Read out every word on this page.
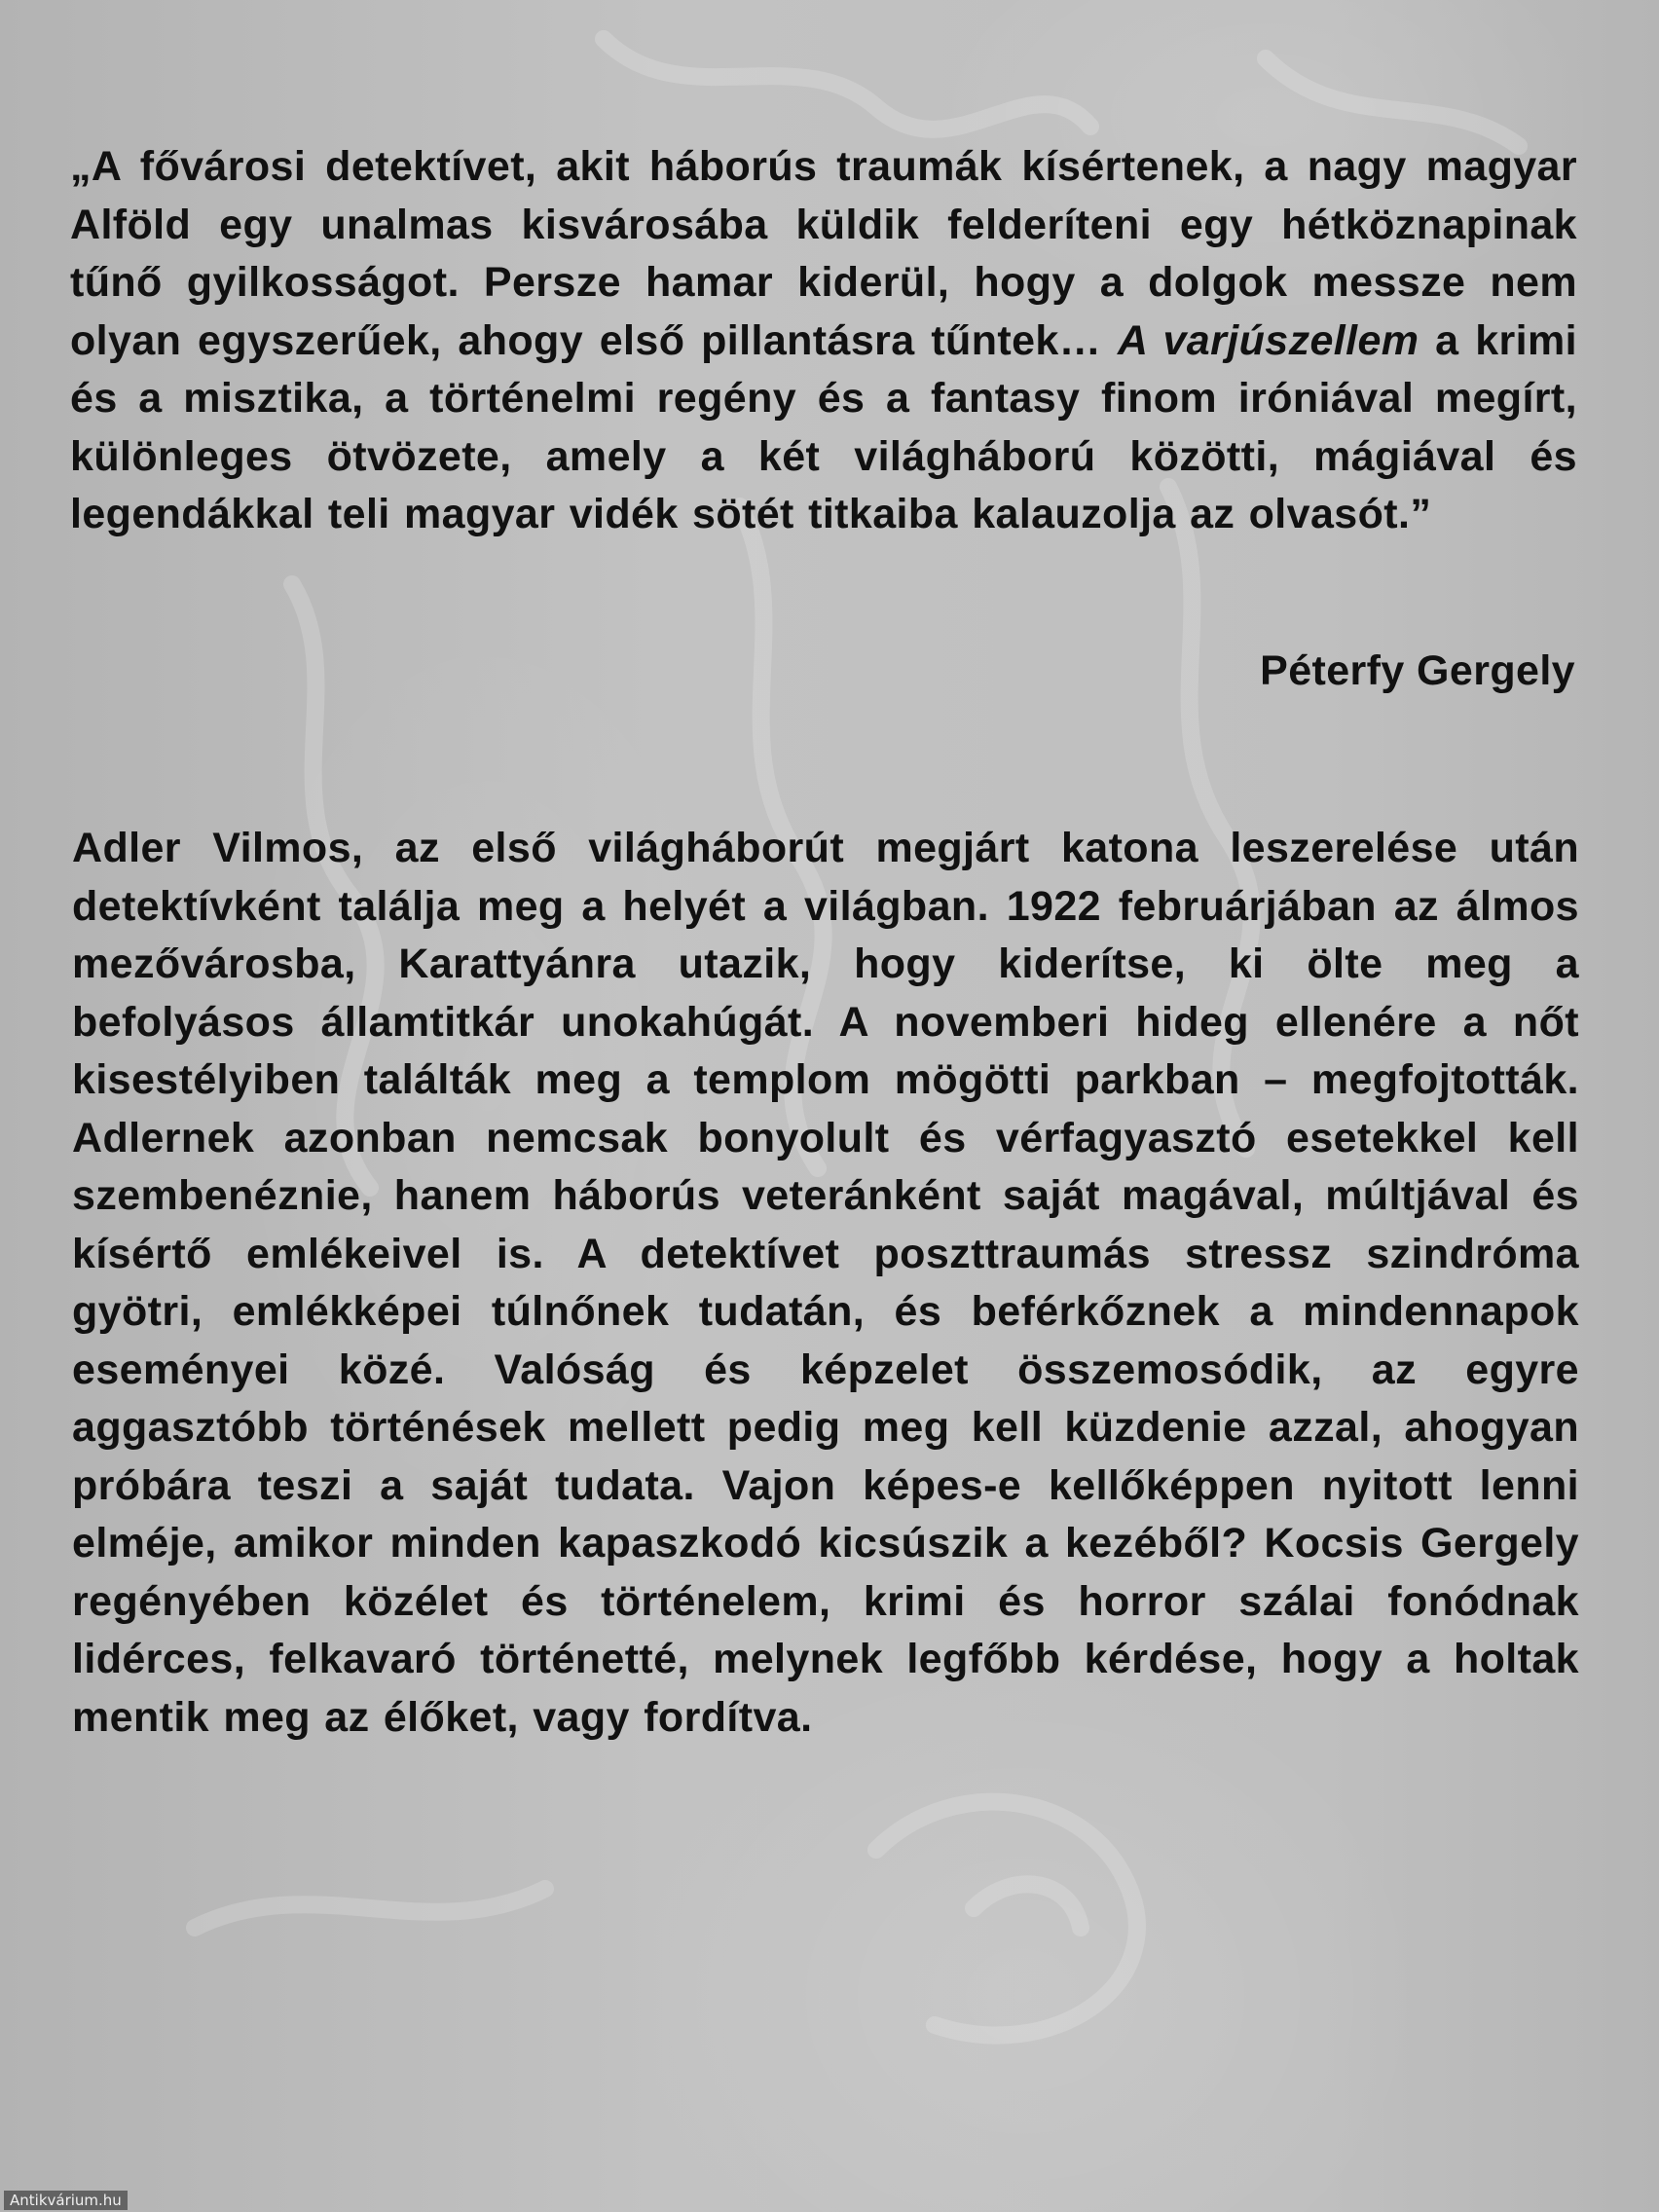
„A fővárosi detektívet, akit háborús traumák kísértenek, a nagy magyar Alföld egy unalmas kisvárosába küldik felderíteni egy hétköznapinak tűnő gyilkosságot. Persze hamar kiderül, hogy a dolgok messze nem olyan egyszerűek, ahogy első pillantásra tűntek… A varjúszellem a krimi és a misztika, a történelmi regény és a fantasy finom iróniával megírt, különleges ötvözete, amely a két világháború közötti, mágiával és legendákkal teli magyar vidék sötét titkaiba kalauzolja az olvasót.”
Péterfy Gergely
Adler Vilmos, az első világháborút megjárt katona leszerelése után detektívként találja meg a helyét a világban. 1922 februárjában az álmos mezővárosba, Karattyánra utazik, hogy kiderítse, ki ölte meg a befolyásos államtitkár unokahúgát. A novemberi hideg ellenére a nőt kisestélyiben találták meg a templom mögötti parkban – megfojtották. Adlernek azonban nemcsak bonyolult és vérfagyasztó esetekkel kell szembenéznie, hanem háborús veteránként saját magával, múltjával és kísértő emlékeivel is. A detektívet poszttraumás stressz szindróma gyötri, emlékképei túlnőnek tudatán, és beférkőznek a mindennapok eseményei közé. Valóság és képzelet összemosódik, az egyre aggasztóbb történések mellett pedig meg kell küzdenie azzal, ahogyan próbára teszi a saját tudata. Vajon képes-e kellőképpen nyitott lenni elméje, amikor minden kapaszkodó kicsúszik a kezéből? Kocsis Gergely regényében közélet és történelem, krimi és horror szálai fonódnak lidérces, felkavaró történetté, melynek legfőbb kérdése, hogy a holtak mentik meg az élőket, vagy fordítva.
Antikvárium.hu
